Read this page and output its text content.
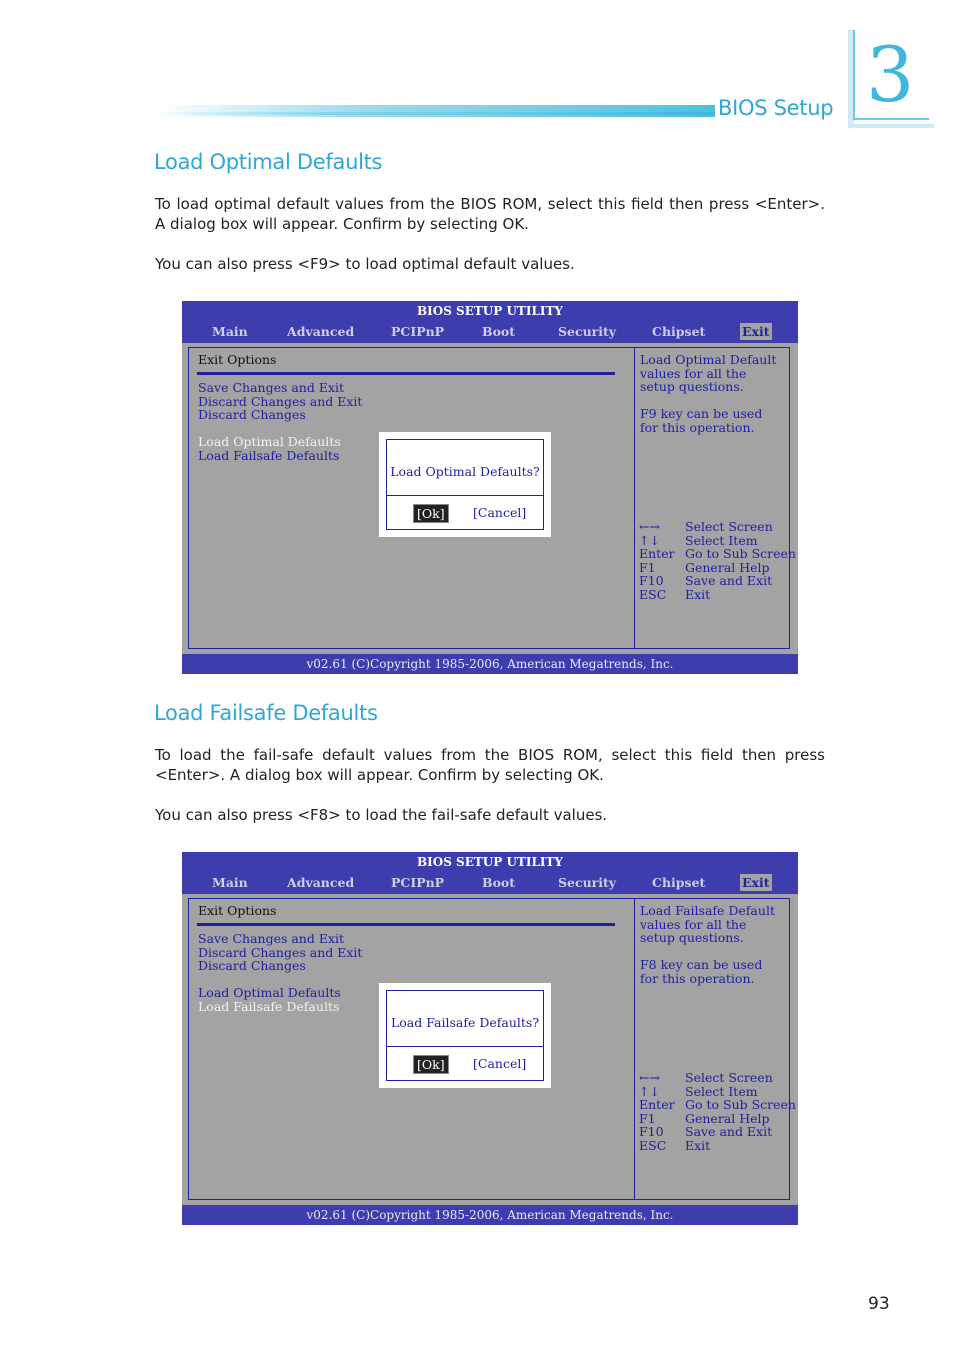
BIOS Setup 3
Load Optimal Defaults
To load optimal default values from the BIOS ROM, select this field then press <Enter>. A dialog box will appear. Confirm by selecting OK.
You can also press <F9> to load optimal default values.
BIOS SETUP UTILITY
Main	Advanced	PCIPnP	Boot	Security	Chipset	Exit
Exit Options
Save Changes and Exit
Discard Changes and Exit
Discard Changes
Load Optimal Defaults
Load Failsafe Defaults
Load Optimal Default
values for all the
setup questions.
F9 key can be used
for this operation.
←→ Select Screen
↑↓ Select Item
Enter Go to Sub Screen
F1 General Help
F10 Save and Exit
ESC Exit
Load Optimal Defaults?
[Ok]	[Cancel]
v02.61 (C)Copyright 1985-2006, American Megatrends, Inc.
Load Failsafe Defaults
To load the fail-safe default values from the BIOS ROM, select this field then press <Enter>. A dialog box will appear. Confirm by selecting OK.
You can also press <F8> to load the fail-safe default values.
BIOS SETUP UTILITY
Main	Advanced	PCIPnP	Boot	Security	Chipset	Exit
Exit Options
Save Changes and Exit
Discard Changes and Exit
Discard Changes
Load Optimal Defaults
Load Failsafe Defaults
Load Failsafe Default
values for all the
setup questions.
F8 key can be used
for this operation.
←→ Select Screen
↑↓ Select Item
Enter Go to Sub Screen
F1 General Help
F10 Save and Exit
ESC Exit
Load Failsafe Defaults?
[Ok]	[Cancel]
v02.61 (C)Copyright 1985-2006, American Megatrends, Inc.
93
